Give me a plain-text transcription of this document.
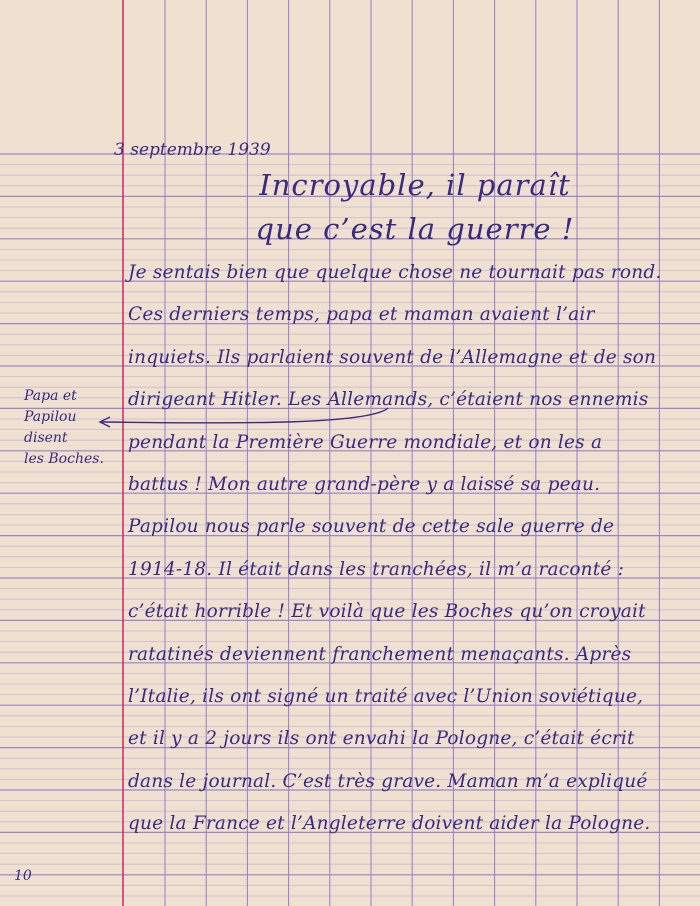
3 septembre 1939
Incroyable, il paraît
que c’est la guerre !
Je sentais bien que quelque chose ne tournait pas rond.
Ces derniers temps, papa et maman avaient l’air
inquiets. Ils parlaient souvent de l’Allemagne et de son
dirigeant Hitler. Les Allemands, c’étaient nos ennemis
pendant la Première Guerre mondiale, et on les a
battus ! Mon autre grand-père y a laissé sa peau.
Papilou nous parle souvent de cette sale guerre de
1914-18. Il était dans les tranchées, il m’a raconté :
c’était horrible ! Et voilà que les Boches qu’on croyait
ratatinés deviennent franchement menaçants. Après
l’Italie, ils ont signé un traité avec l’Union soviétique,
et il y a 2 jours ils ont envahi la Pologne, c’était écrit
dans le journal. C’est très grave. Maman m’a expliqué
que la France et l’Angleterre doivent aider la Pologne.
Papa et
Papilou
disent
les Boches.
10
